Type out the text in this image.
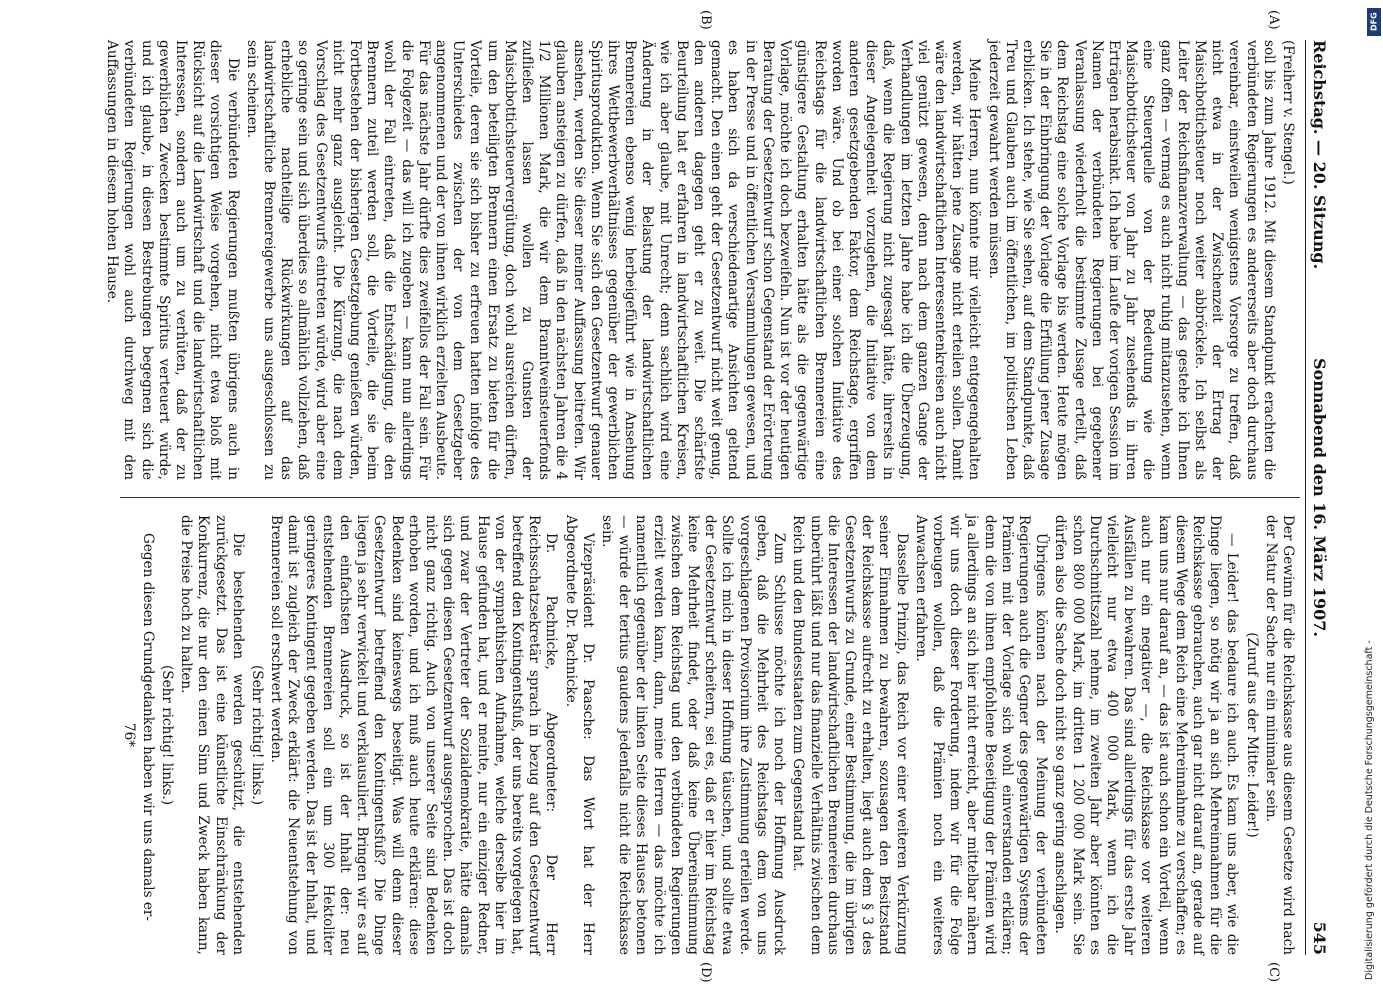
Reichstag. — 20. Sitzung.
Sonnabend den 16. März 1907.
545
(A)
(B)
(C)
(D)

(Freiherr v. Stengel.)

soll bis zum Jahre 1912. Mit diesem Standpunkt erachten die verbündeten Regierungen es andererseits aber doch durchaus vereinbar, einstweilen wenigstens Vorsorge zu treffen, daß nicht etwa in der Zwischenzeit der Ertrag der Maischbottichsteuer noch weiter abbröckele. Ich selbst als Leiter der Reichsfinanzverwaltung — das gestehe ich Ihnen ganz offen — vermag es auch nicht ruhig mitanzusehen, wenn eine Steuerquelle von der Bedeutung wie die Maischbottichsteuer von Jahr zu Jahr zusehends in ihren Erträgen herabsinkt. Ich habe im Laufe der vorigen Session im Namen der verbündeten Regierungen bei gegebener Veranlassung wiederholt die bestimmte Zusage erteilt, daß dem Reichstag eine solche Vorlage bis werden. Heute mögen Sie in der Einbringung der Vorlage die Erfüllung jener Zusage erblicken. Ich stehe, wie Sie sehen, auf dem Standpunkte, daß Treu und Glauben auch im öffentlichen, im politischen Leben jederzeit gewahrt werden müssen.

Meine Herren, nun könnte mir vielleicht entgegengehalten werden, wir hätten jene Zusage nicht erteilen sollen. Damit wäre den landwirtschaftlichen Interessentenkreisen auch nicht viel genützt gewesen, denn nach dem ganzen Gange der Verhandlungen im letzten Jahre habe ich die Überzeugung, daß, wenn die Regierung nicht zugesagt hätte, ihrerseits in dieser Angelegenheit vorzugehen, die Initiative von dem anderen gesetzgebenden Faktor, dem Reichstage, ergriffen worden wäre. Und ob bei einer solchen Initiative des Reichstags für die landwirtschaftlichen Brennereien eine günstigere Gestaltung erhalten hätte als die gegenwärtige Vorlage, möchte ich doch bezweifeln. Nun ist vor der heutigen Beratung der Gesetzentwurf schon Gegenstand der Erörterung in der Presse und in öffentlichen Versammlungen gewesen, und es haben sich da verschiedenartige Ansichten geltend gemacht. Den einen geht der Gesetzentwurf nicht weit genug, den anderen dagegen geht er zu weit. Die schärfste Beurteilung hat er erfahren in landwirtschaftlichen Kreisen, wie ich aber glaube, mit Unrecht; denn sachlich wird eine Änderung in der Belastung der landwirtschaftlichen Brennereien ebenso wenig herbeigeführt wie in Ansehung ihres Wettbewerbverhältnisses gegenüber der gewerblichen Spiritusproduktion. Wenn Sie sich den Gesetzentwurf genauer ansehen, werden Sie dieser meiner Auffassung beitreten. Wir glauben ansteigen zu dürfen, daß in den nächsten Jahren die 4 1/2 Millionen Mark, die wir dem Branntweinsteuerfonds zufließen lassen wollen zu Gunsten der Maischbottichsteuervergütung, doch wohl ausreichen dürften, um den beteiligten Brennern einen Ersatz zu bieten für die Vorteile, deren sie sich bisher zu erfreuen hatten infolge des Unterschiedes zwischen der von dem Gesetzgeber angenommenen und der von ihnen wirklich erzielten Ausbeute. Für das nächste Jahr dürfte dies zweifellos der Fall sein. Für die Folgezeit — das will ich zugeben — kann nun allerdings wohl der Fall eintreten, daß die Entschädigung, die den Brennern zuteil werden soll, die Vorteile, die sie beim Fortbestehen der bisherigen Gesetzgebung genießen würden, nicht mehr ganz ausgleicht. Die Kürzung, die nach dem Vorschlag des Gesetzentwurfs eintreten würde, wird aber eine so geringe sein und sich überdies so allmählich vollziehen, daß erhebliche nachteilige Rückwirkungen auf das landwirtschaftliche Brennereigewerbe uns ausgeschlossen zu sein scheinen.

Die verbündeten Regierungen mußten übrigens auch in dieser vorsichtigen Weise vorgehen, nicht etwa bloß mit Rücksicht auf die Landwirtschaft und die landwirtschaftlichen Interessen, sondern auch um zu verhüten, daß der zu gewerblichen Zwecken bestimmte Spiritus verteuert würde, und ich glaube, in diesen Bestrebungen begegnen sich die verbündeten Regierungen wohl auch durchweg mit den Auffassungen in diesem hohen Hause.

Der Gewinn für die Reichskasse aus diesem Gesetze wird nach der Natur der Sache nur ein minimaler sein.

(Zuruf aus der Mitte: Leider!)

— Leider! das bedaure ich auch. Es kam uns aber, wie die Dinge liegen, so nötig wir ja an sich Mehreinnahmen für die Reichskasse gebrauchen, auch gar nicht darauf an, gerade auf diesem Wege dem Reich eine Mehreinnahme zu verschaffen; es kam uns nur darauf an, — das ist auch schon ein Vorteil, wenn auch nur ein negativer —, die Reichskasse vor weiteren Ausfällen zu bewahren. Das sind allerdings für das erste Jahr vielleicht nur etwa 400 000 Mark, wenn ich die Durchschnittszahl nehme, im zweiten Jahr aber könnten es schon 800 000 Mark, im dritten 1 200 000 Mark sein. Sie dürfen also die Sache doch nicht so ganz gering anschlagen.

Übrigens können nach der Meinung der verbündeten Regierungen auch die Gegner des gegenwärtigen Systems der Prämien mit der Vorlage sich wohl einverstanden erklären; denn die von ihnen empfohlene Beseitigung der Prämien wird ja allerdings an sich hier nicht erreicht, aber mittelbar nähern wir uns doch dieser Forderung, indem wir für die Folge vorbeugen wollen, daß die Prämien noch ein weiteres Anwachsen erfahren.

Dasselbe Prinzip, das Reich vor einer weiteren Verkürzung seiner Einnahmen zu bewahren, sozusagen den Besitzstand der Reichskasse aufrecht zu erhalten, liegt auch dem § 3 des Gesetzentwurfs zu Grunde, einer Bestimmung, die im übrigen die Interessen der landwirtschaftlichen Brennereien durchaus unberührt läßt und nur das finanzielle Verhältnis zwischen dem Reich und den Bundesstaaten zum Gegenstand hat.

Zum Schlusse möchte ich noch der Hoffnung Ausdruck geben, daß die Mehrheit des Reichstags dem von uns vorgeschlagenen Provisorium ihre Zustimmung erteilen werde. Sollte ich mich in dieser Hoffnung täuschen, und sollte etwa der Gesetzentwurf scheitern, sei es, daß er hier im Reichstag keine Mehrheit findet, oder daß keine Übereinstimmung zwischen dem Reichstag und den verbündeten Regierungen erzielt werden kann, dann, meine Herren — das möchte ich namentlich gegenüber der linken Seite dieses Hauses betonen — würde der tertius gaudens jedenfalls nicht die Reichskasse sein.

Vizepräsident Dr. Paasche: Das Wort hat der Herr Abgeordnete Dr. Pachnicke.

Dr. Pachnicke, Abgeordneter: Der Herr Reichsschatzsekretär sprach in bezug auf den Gesetzentwurf betreffend den Kontingentsfuß, der uns bereits vorgelegen hat, von der sympathischen Aufnahme, welche derselbe hier im Hause gefunden hat, und er meinte, nur ein einziger Redner, und zwar der Vertreter der Sozialdemokratie, hätte damals sich gegen diesen Gesetzentwurf ausgesprochen. Das ist doch nicht ganz richtig. Auch von unserer Seite sind Bedenken erhoben worden, und ich muß auch heute erklären: diese Bedenken sind keineswegs beseitigt. Was will denn dieser Gesetzentwurf betreffend den Kontingentsfuß? Die Dinge liegen ja sehr verwickelt und verklausuliert. Bringen wir es auf den einfachsten Ausdruck, so ist der Inhalt der: neu entstehenden Brennereien soll ein um 300 Hektoliter geringeres Kontingent gegeben werden. Das ist der Inhalt, und damit ist zugleich der Zweck erklärt: die Neuentstehung von Brennereien soll erschwert werden.

(Sehr richtig! links.)

Die bestehenden werden geschützt, die entstehenden zurückgesetzt. Das ist eine künstliche Einschränkung der Konkurrenz, die nur den einen Sinn und Zweck haben kann, die Preise hoch zu halten.

(Sehr richtig! links.)

Gegen diesen Grundgedanken haben wir uns damals er-

76*

DFG
Digitalisierung gefördert durch die Deutsche Forschungsgemeinschaft -
